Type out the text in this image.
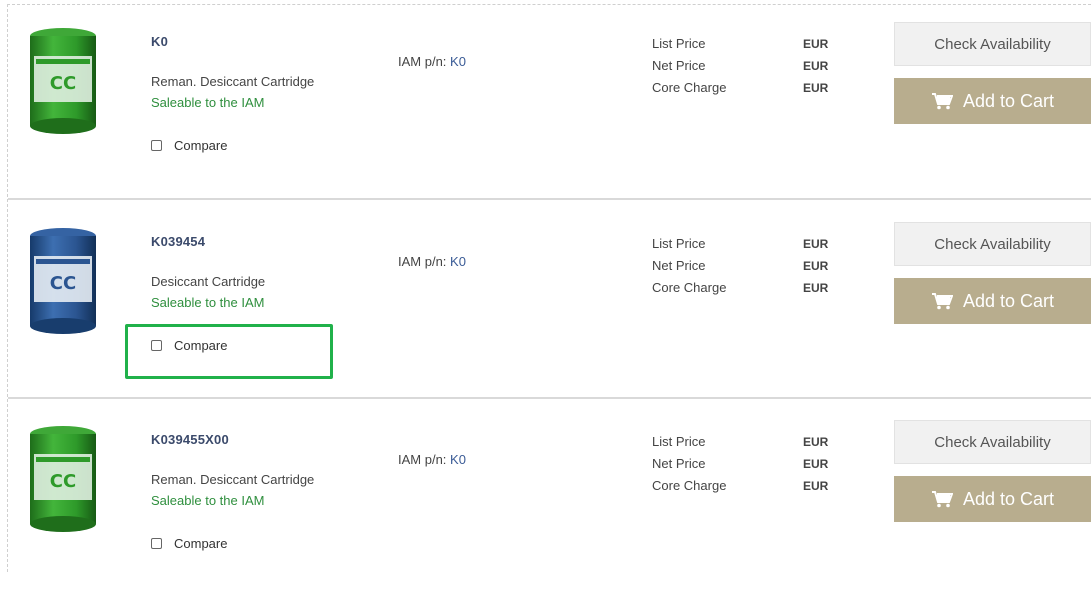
CC
K0
Reman. Desiccant Cartridge
Saleable to the IAM
Compare
IAM p/n: K0
List Price
Net Price
Core Charge
EUR
EUR
EUR
Check Availability
Add to Cart
CC
K039454
Desiccant Cartridge
Saleable to the IAM
Compare
IAM p/n: K0
List Price
Net Price
Core Charge
EUR
EUR
EUR
Check Availability
Add to Cart
CC
K039455X00
Reman. Desiccant Cartridge
Saleable to the IAM
Compare
IAM p/n: K0
List Price
Net Price
Core Charge
EUR
EUR
EUR
Check Availability
Add to Cart
